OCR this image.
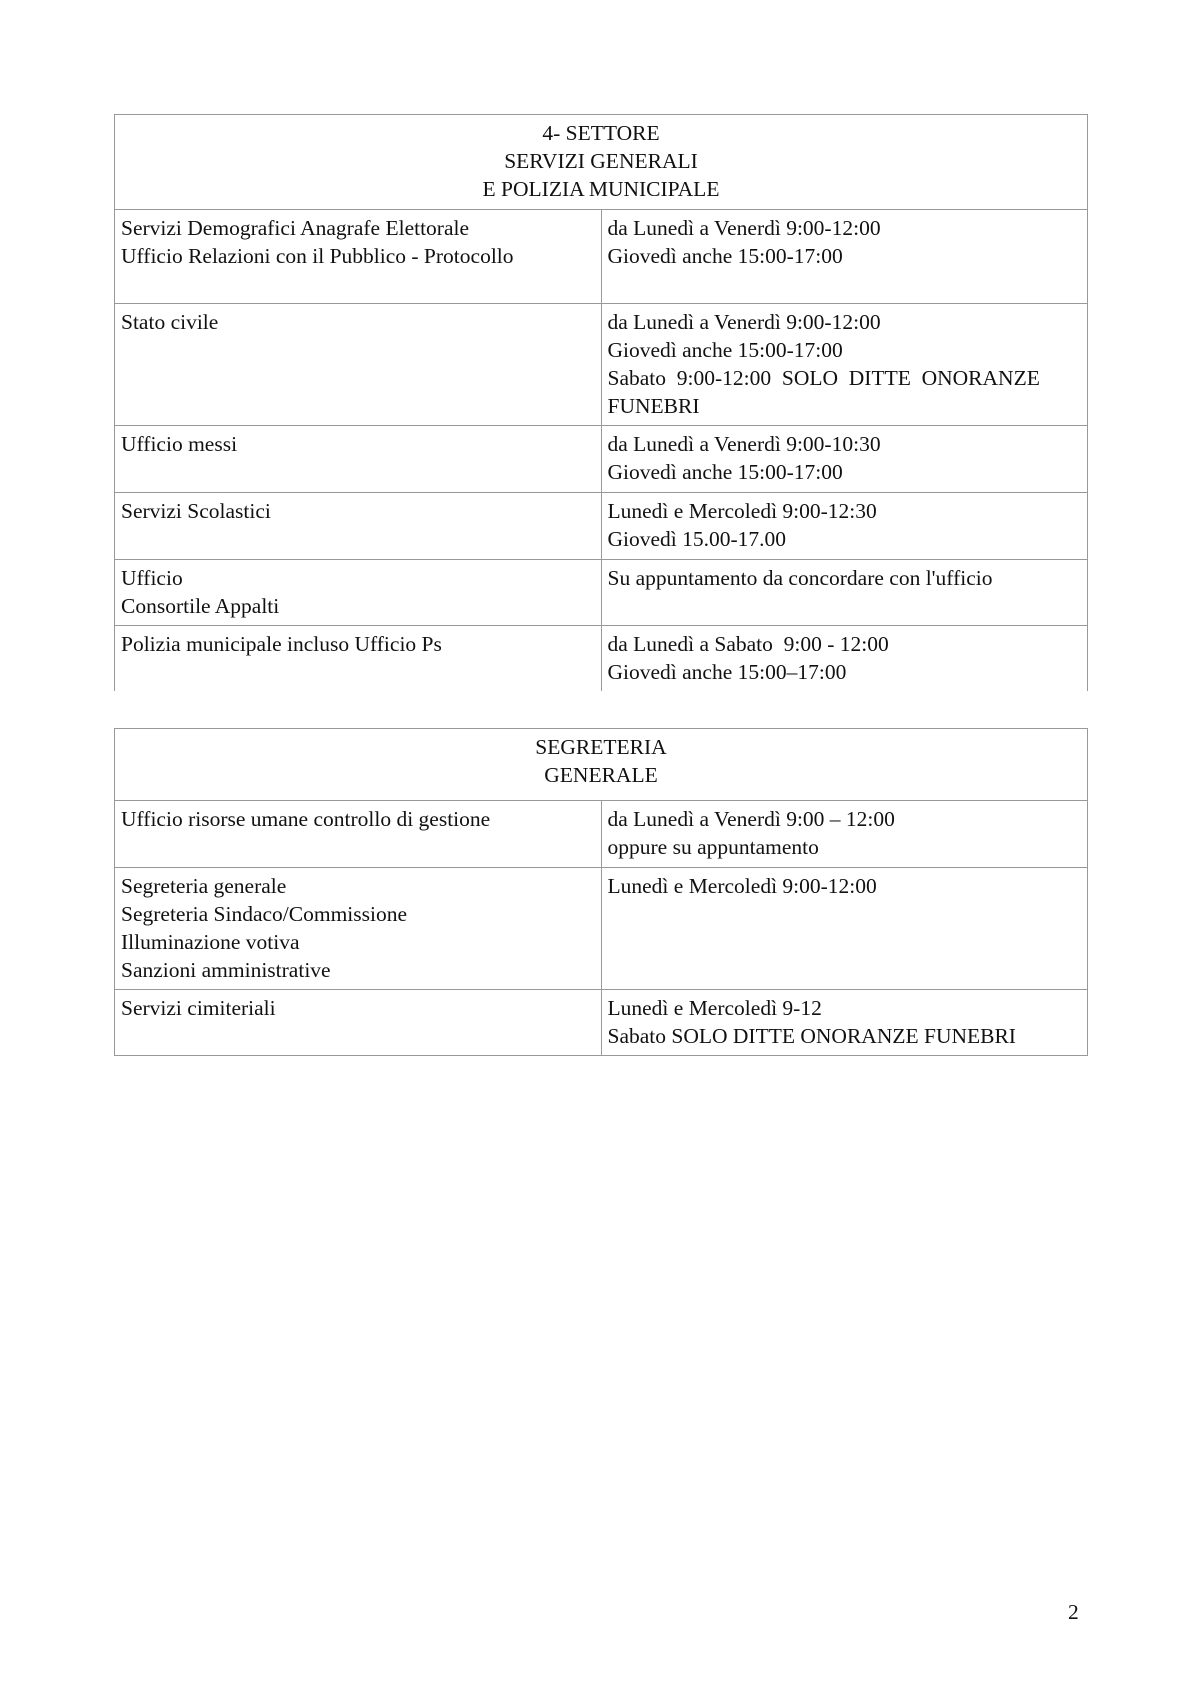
4- SETTORE
SERVIZI GENERALI
E POLIZIA MUNICIPALE	

Servizi Demografici Anagrafe Elettorale
Ufficio Relazioni con il Pubblico - Protocollo	da Lunedì a Venerdì 9:00-12:00
Giovedì anche 15:00-17:00

Stato civile	da Lunedì a Venerdì 9:00-12:00
Giovedì anche 15:00-17:00
Sabato  9:00-12:00  SOLO  DITTE  ONORANZE
FUNEBRI

Ufficio messi	da Lunedì a Venerdì 9:00-10:30
Giovedì anche 15:00-17:00

Servizi Scolastici	Lunedì e Mercoledì 9:00-12:30
Giovedì 15.00-17.00

Ufficio
Consortile Appalti	Su appuntamento da concordare con l'ufficio

Polizia municipale incluso Ufficio Ps	da Lunedì a Sabato  9:00 - 12:00
Giovedì anche 15:00–17:00
SEGRETERIA
GENERALE	

Ufficio risorse umane controllo di gestione	da Lunedì a Venerdì 9:00 – 12:00
oppure su appuntamento

Segreteria generale
Segreteria Sindaco/Commissione
Illuminazione votiva
Sanzioni amministrative	Lunedì e Mercoledì 9:00-12:00

Servizi cimiteriali	Lunedì e Mercoledì 9-12
Sabato SOLO DITTE ONORANZE FUNEBRI
2
